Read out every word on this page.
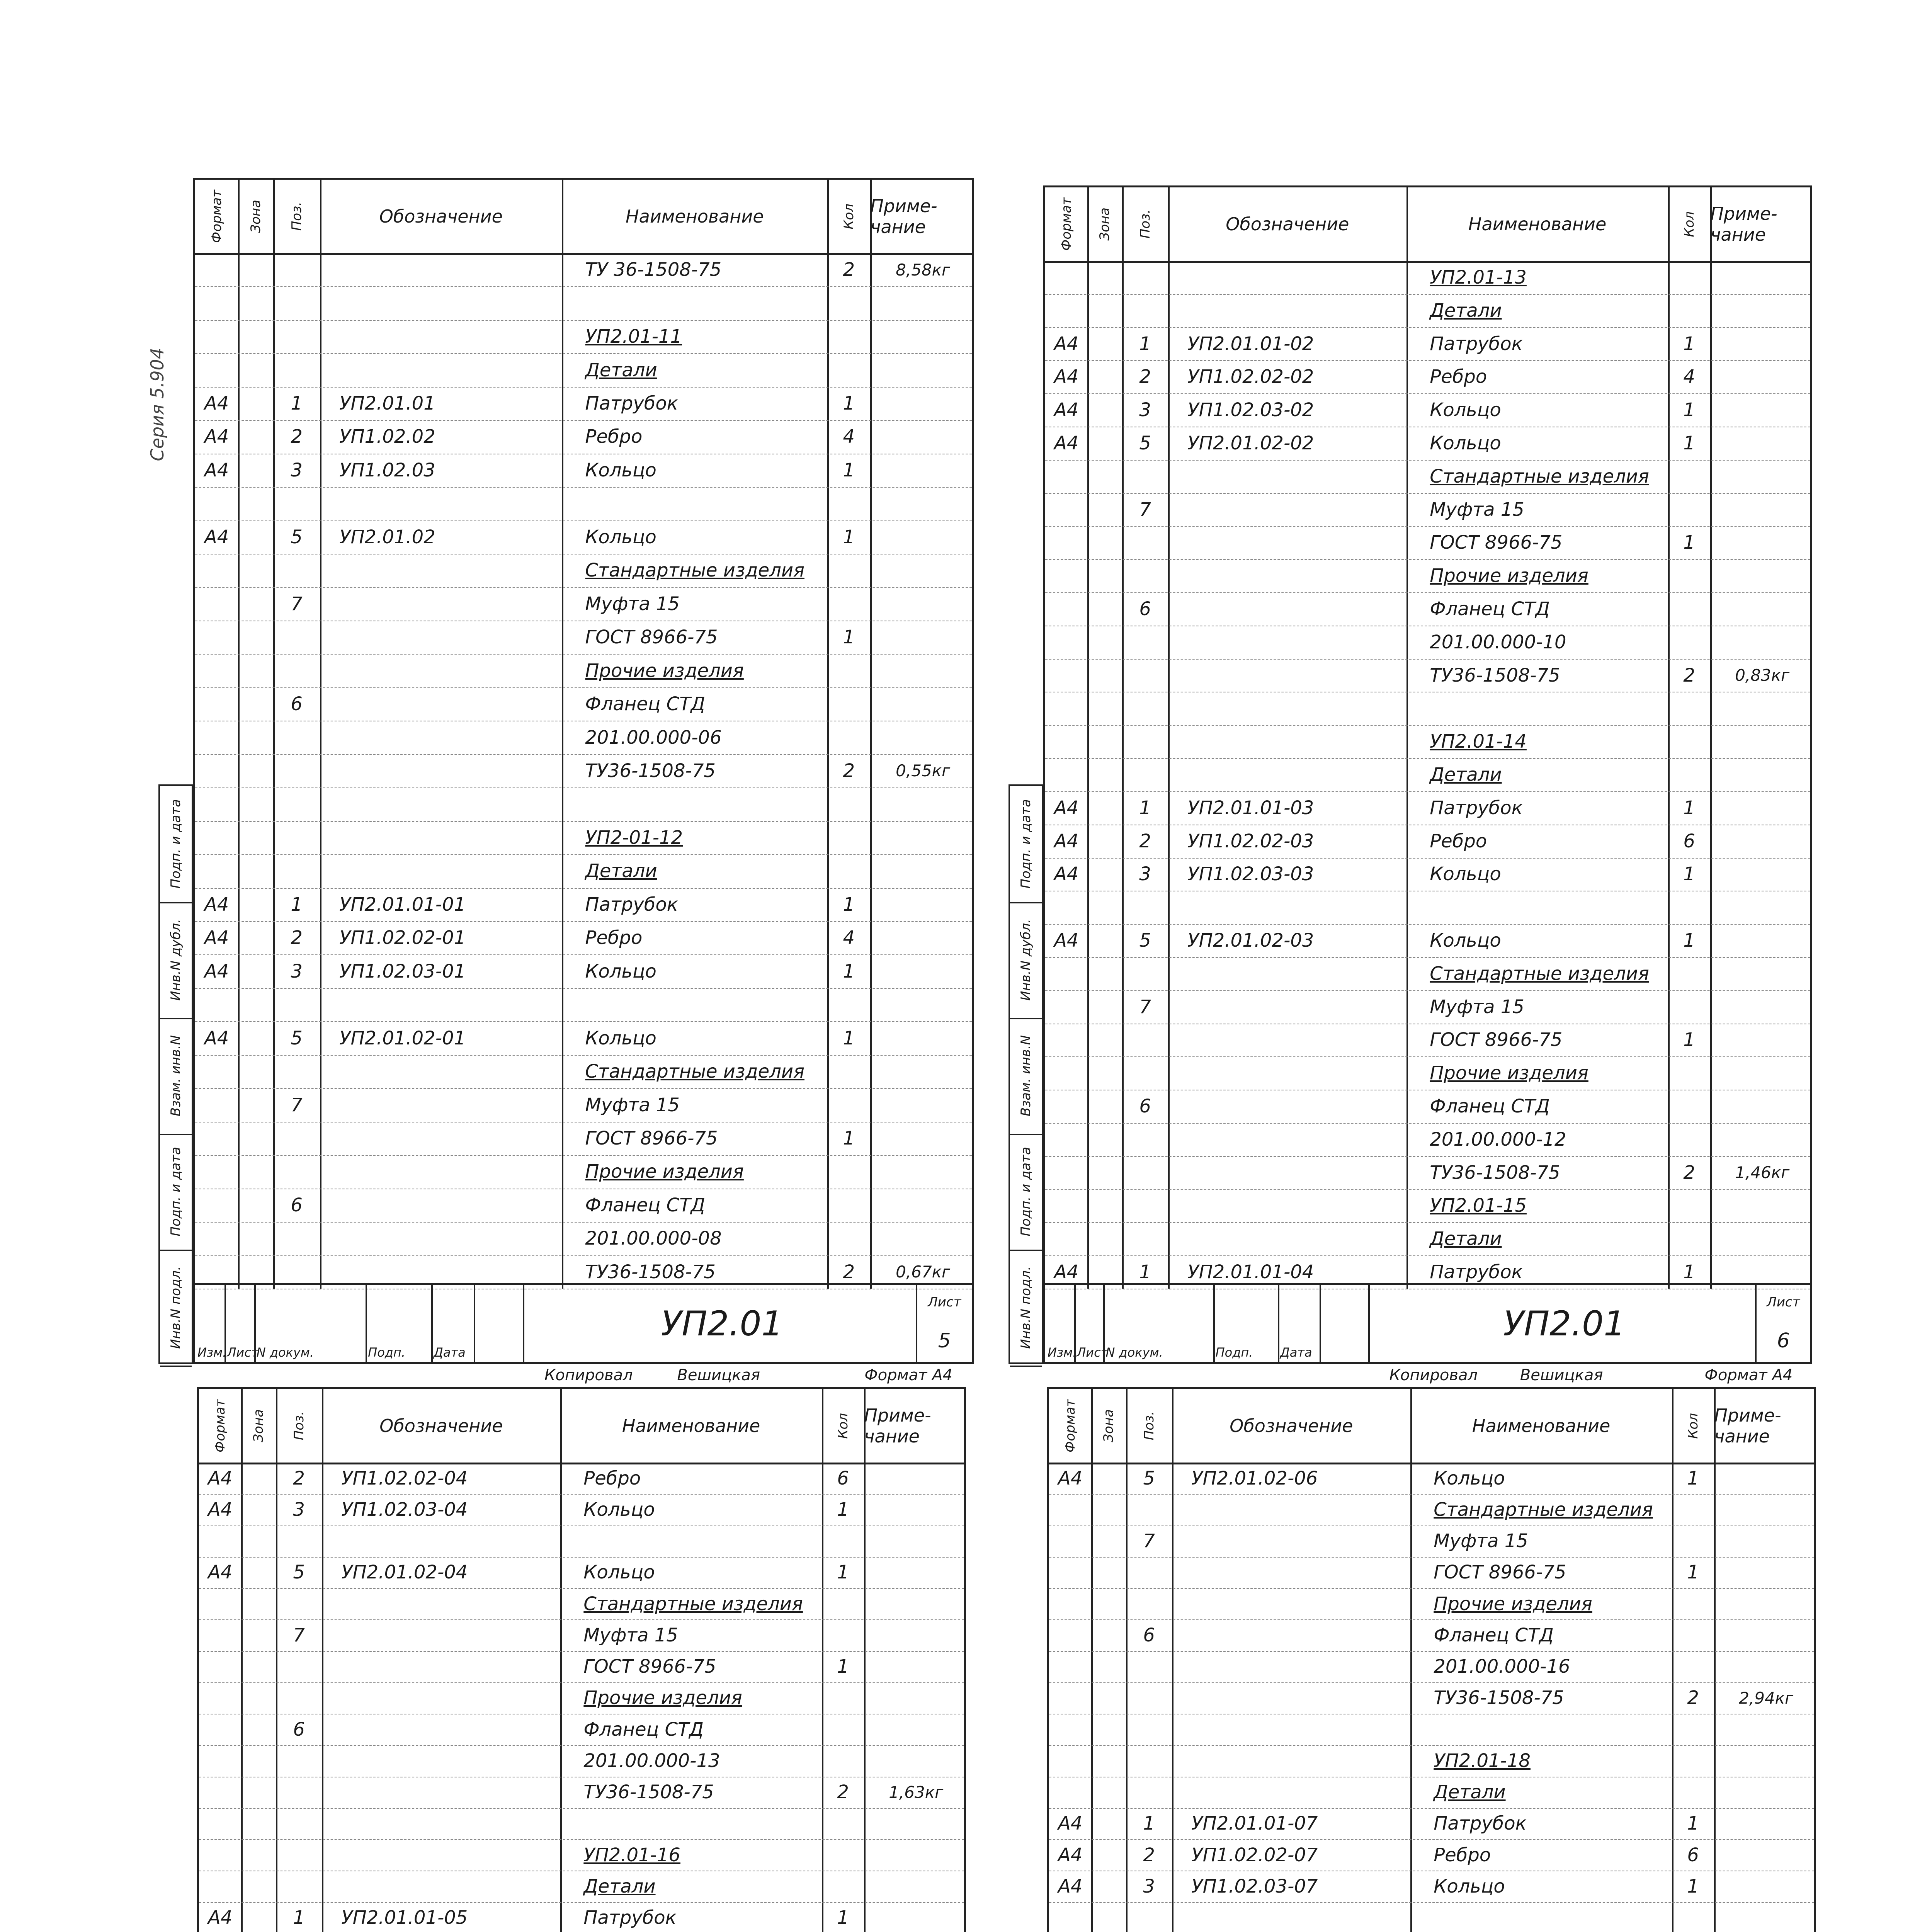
Формат Зона Поз.	Обозначение	Наименование	Кол Приме-чание
ТУ 36-1508-75	2	8,58кг
УП2.01-11
Детали
А4	1	УП2.01.01	Патрубок	1
А4	2	УП1.02.02	Ребро	4
А4	3	УП1.02.03	Кольцо	1
А4	5	УП2.01.02	Кольцо	1
Стандартные изделия
7	Муфта 15
ГОСТ 8966-75	1
Прочие изделия
6	Фланец СТД
201.00.000-06
ТУ36-1508-75	2	0,55кг
УП2-01-12
Детали
А4	1	УП2.01.01-01	Патрубок	1
А4	2	УП1.02.02-01	Ребро	4
А4	3	УП1.02.03-01	Кольцо	1
А4	5	УП2.01.02-01	Кольцо	1
Стандартные изделия
7	Муфта 15
ГОСТ 8966-75	1
Прочие изделия
6	Фланец СТД
201.00.000-08
ТУ36-1508-75	2	0,67кг
Изм. Лист
N докум.	Подп. Дата
УП2.01
Лист
5
Копировал	Вешицкая	Формат А4
Инв.N подл.
Подп. и дата
Взам. инв.N
Инв.N дубл.
Подп. и дата
Формат Зона Поз.	Обозначение	Наименование	Кол Приме-чание
УП2.01-13
Детали
А4	1	УП2.01.01-02	Патрубок	1
А4	2	УП1.02.02-02	Ребро	4
А4	3	УП1.02.03-02	Кольцо	1
А4	5	УП2.01.02-02	Кольцо	1
Стандартные изделия
7	Муфта 15
ГОСТ 8966-75	1
Прочие изделия
6	Фланец СТД
201.00.000-10
ТУ36-1508-75	2	0,83кг
УП2.01-14
Детали
А4	1	УП2.01.01-03	Патрубок	1
А4	2	УП1.02.02-03	Ребро	6
А4	3	УП1.02.03-03	Кольцо	1
А4	5	УП2.01.02-03	Кольцо	1
Стандартные изделия
7	Муфта 15
ГОСТ 8966-75	1
Прочие изделия
6	Фланец СТД
201.00.000-12
ТУ36-1508-75	2	1,46кг
УП2.01-15
Детали
А4	1	УП2.01.01-04	Патрубок	1
Изм. Лист
N докум.	Подп. Дата
УП2.01
Лист
6
Копировал	Вешицкая	Формат А4
Инв.N подл.
Подп. и дата
Взам. инв.N
Инв.N дубл.
Подп. и дата
Формат Зона Поз.	Обозначение	Наименование	Кол Приме-чание
А4	2	УП1.02.02-04	Ребро	6
А4	3	УП1.02.03-04	Кольцо	1
А4	5	УП2.01.02-04	Кольцо	1
Стандартные изделия
7	Муфта 15
ГОСТ 8966-75	1
Прочие изделия
6	Фланец СТД
201.00.000-13
ТУ36-1508-75	2	1,63кг
УП2.01-16
Детали
А4	1	УП2.01.01-05	Патрубок	1
Формат Зона Поз.	Обозначение	Наименование	Кол Приме-чание
А4	5	УП2.01.02-06	Кольцо	1
Стандартные изделия
7	Муфта 15
ГОСТ 8966-75	1
Прочие изделия
6	Фланец СТД
201.00.000-16
ТУ36-1508-75	2	2,94кг
УП2.01-18
Детали
А4	1	УП2.01.01-07	Патрубок	1
А4	2	УП1.02.02-07	Ребро	6
А4	3	УП1.02.03-07	Кольцо	1
Серия 5.904
